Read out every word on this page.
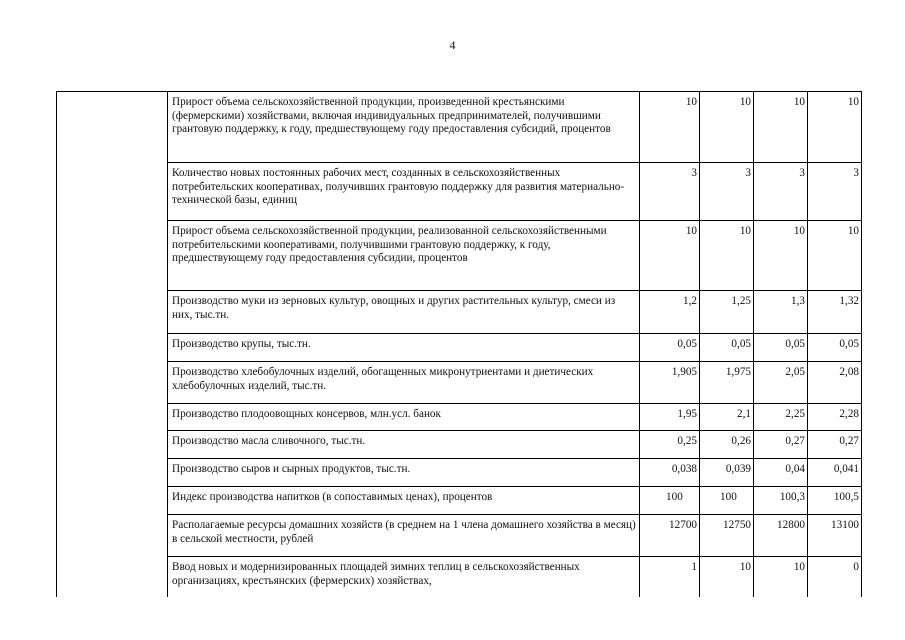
4
	Прирост объема сельскохозяйственной продукции, произведенной крестьянскими (фермерскими) хозяйствами, включая индивидуальных предпринимателей, получившими грантовую поддержку, к году, предшествующему году предоставления субсидий, процентов	10	10	10	10
	Количество новых постоянных рабочих мест, созданных в сельскохозяйственных потребительских кооперативах, получивших грантовую поддержку для развития материально-технической базы, единиц	3	3	3	3
	Прирост объема сельскохозяйственной продукции, реализованной сельскохозяйственными потребительскими кооперативами, получившими грантовую поддержку, к году, предшествующему году предоставления субсидии, процентов	10	10	10	10
	Производство муки из зерновых культур, овощных и других растительных культур, смеси из них, тыс.тн.	1,2	1,25	1,3	1,32
	Производство крупы, тыс.тн.	0,05	0,05	0,05	0,05
	Производство хлебобулочных изделий, обогащенных микронутриентами и диетических хлебобулочных изделий, тыс.тн.	1,905	1,975	2,05	2,08
	Производство плодоовощных консервов, млн.усл. банок	1,95	2,1	2,25	2,28
	Производство масла сливочного, тыс.тн.	0,25	0,26	0,27	0,27
	Производство сыров и сырных продуктов, тыс.тн.	0,038	0,039	0,04	0,041
	Индекс производства напитков (в сопоставимых ценах), процентов	100	100	100,3	100,5
	Располагаемые ресурсы домашних хозяйств (в среднем на 1 члена домашнего хозяйства в месяц) в сельской местности, рублей	12700	12750	12800	13100
	Ввод новых и модернизированных площадей зимних теплиц в сельскохозяйственных организациях, крестьянских (фермерских) хозяйствах,	1	10	10	0
